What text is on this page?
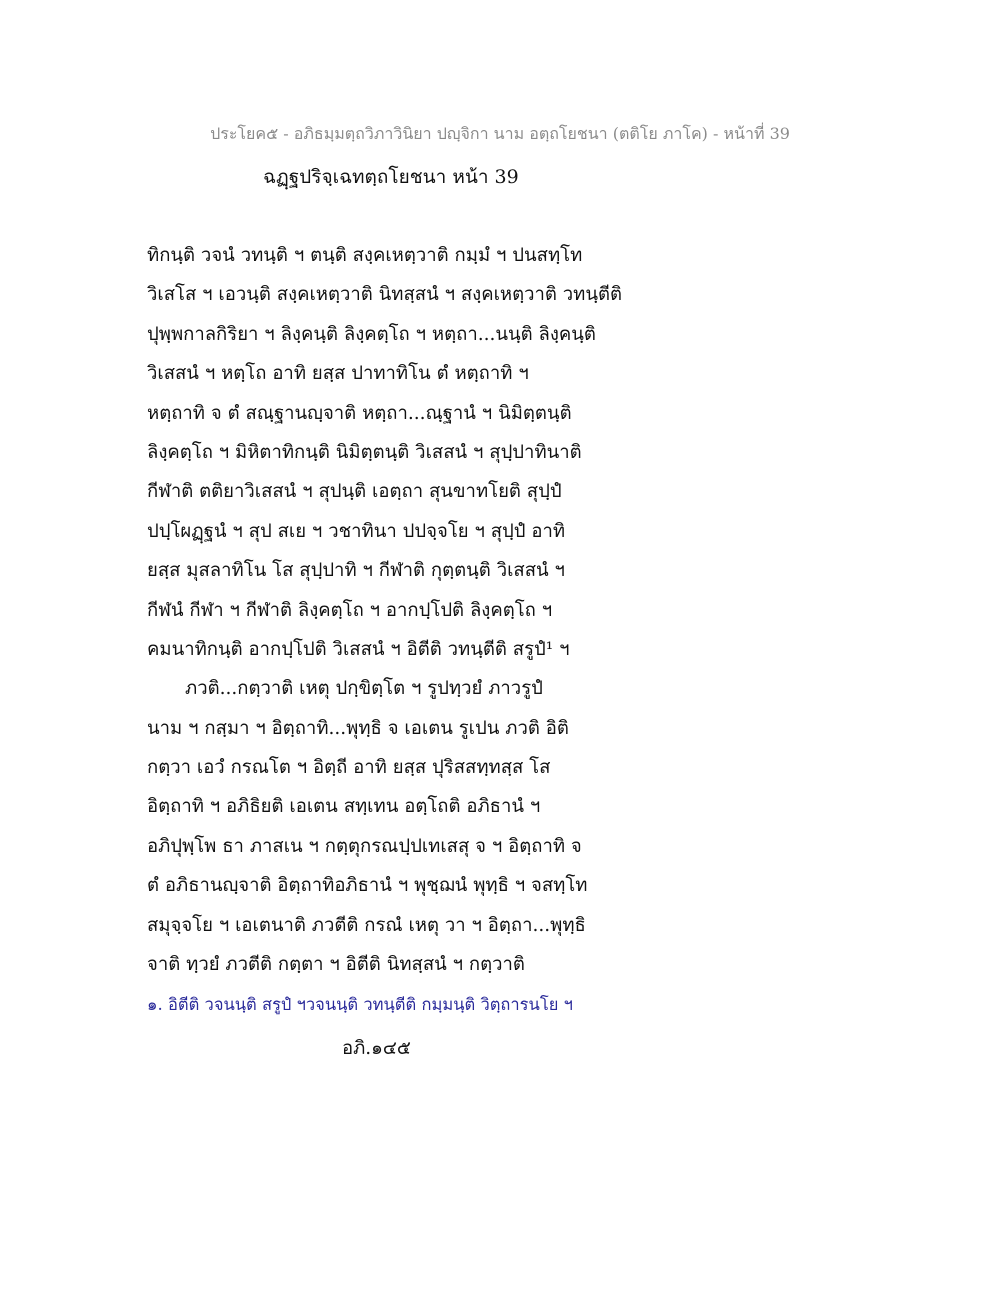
ประโยค๕ - อภิธมฺมตฺถวิภาวินิยา ปญฺจิกา นาม อตฺถโยชนา (ตติโย ภาโค) - หน้าที่ 39
ฉฏฺฐปริจฺเฉทตฺถโยชนา หน้า 39
ทิกนฺติ วจนํ วทนฺติ ฯ ตนฺติ สงฺคเหตฺวาติ กมฺมํ ฯ ปนสทฺโท
วิเสโส ฯ เอวนฺติ สงฺคเหตฺวาติ นิทสฺสนํ ฯ สงฺคเหตฺวาติ วทนฺตีติ
ปุพฺพกาลกิริยา ฯ ลิงฺคนฺติ ลิงฺคตฺโถ ฯ หตฺถา...นนฺติ ลิงฺคนฺติ
วิเสสนํ ฯ หตฺโถ อาทิ ยสฺส ปาทาทิโน ตํ หตฺถาทิ ฯ
หตฺถาทิ จ ตํ สณฺฐานญฺจาติ หตฺถา...ณฺฐานํ ฯ นิมิตฺตนฺติ
ลิงฺคตฺโถ ฯ มิหิตาทิกนฺติ นิมิตฺตนฺติ วิเสสนํ ฯ สุปฺปาทินาติ
กีฬาติ ตติยาวิเสสนํ ฯ สุปนฺติ เอตฺถา สุนขาทโยติ สุปฺปํ
ปปฺโผฏฺฐนํ ฯ สุป สเย ฯ วชาทินา ปปจฺจโย ฯ สุปฺปํ อาทิ
ยสฺส มุสลาทิโน โส สุปฺปาทิ ฯ กีฬาติ กุตฺตนฺติ วิเสสนํ ฯ
กีฬนํ กีฬา ฯ กีฬาติ ลิงฺคตฺโถ ฯ อากปฺโปติ ลิงฺคตฺโถ ฯ
คมนาทิกนฺติ อากปฺโปติ วิเสสนํ ฯ อิตีติ วทนฺตีติ สรูปํ¹ ฯ
ภวติ...กตฺวาติ เหตุ ปกฺขิตฺโต ฯ รูปทฺวยํ ภาวรูปํ
นาม ฯ กสฺมา ฯ อิตฺถาทิ...พุทฺธิ จ เอเตน รูเปน ภวติ อิติ
กตฺวา เอวํ กรณโต ฯ อิตฺถี อาทิ ยสฺส ปุริสสทฺทสฺส โส
อิตฺถาทิ ฯ อภิธิยติ เอเตน สทฺเทน อตฺโถติ อภิธานํ ฯ
อภิปุพฺโพ ธา ภาสเน ฯ กตฺตุกรณปฺปเทเสสุ จ ฯ อิตฺถาทิ จ
ตํ อภิธานญฺจาติ อิตฺถาทิอภิธานํ ฯ พุชฺฌนํ พุทฺธิ ฯ จสทฺโท
สมุจฺจโย ฯ เอเตนาติ ภวตีติ กรณํ เหตุ วา ฯ อิตฺถา...พุทฺธิ
จาติ ทฺวยํ ภวตีติ กตฺตา ฯ อิตีติ นิทสฺสนํ ฯ กตฺวาติ
๑. อิตีติ วจนนฺติ สรูปํ ฯวจนนฺติ วทนฺตีติ กมฺมนฺติ วิตฺถารนโย ฯ
อภิ.๑๔๕
